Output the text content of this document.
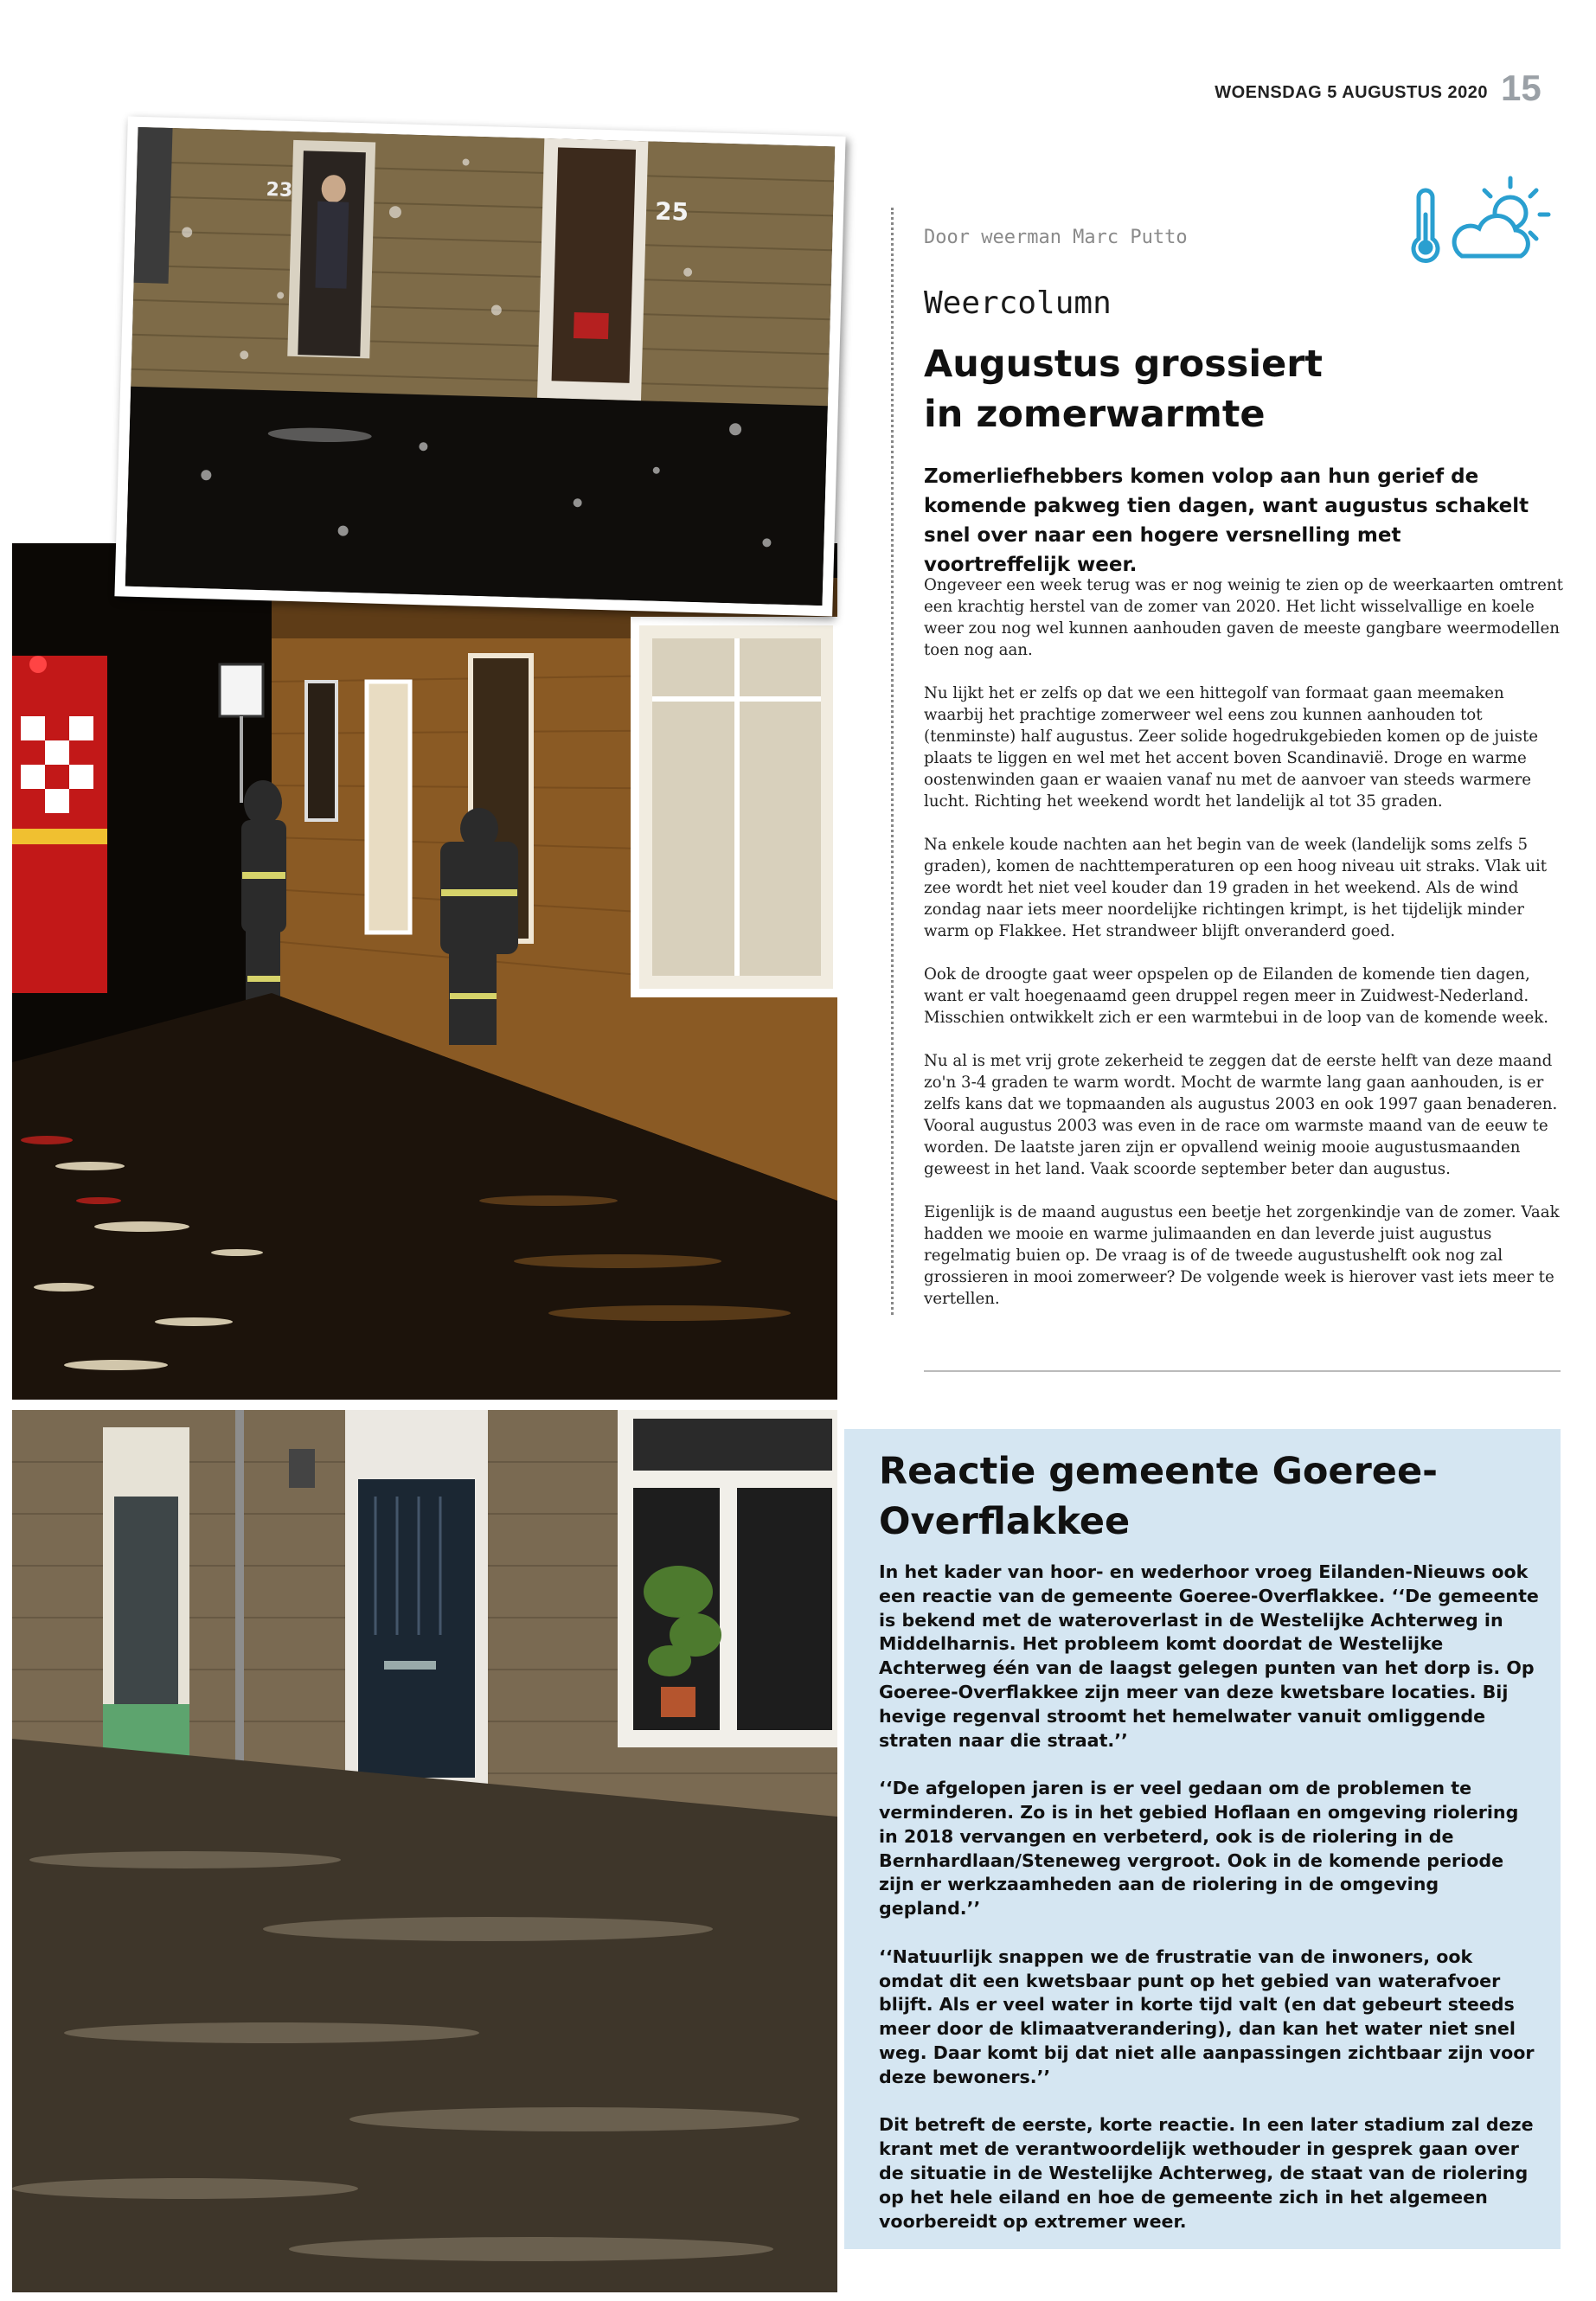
WOENSDAG 5 AUGUSTUS 2020 15
23
25
Door weerman Marc Putto
Weercolumn
Augustus grossiert in zomerwarmte
Zomerliefhebbers komen volop aan hun gerief de komende pakweg tien dagen, want augustus schakelt snel over naar een hogere versnelling met voortreffelijk weer.

Ongeveer een week terug was er nog weinig te zien op de weerkaarten omtrent een krachtig herstel van de zomer van 2020. Het licht wisselvallige en koele weer zou nog wel kunnen aanhouden gaven de meeste gangbare weermodellen toen nog aan.

Nu lijkt het er zelfs op dat we een hittegolf van formaat gaan meemaken waarbij het prachtige zomerweer wel eens zou kunnen aanhouden tot (tenminste) half augustus. Zeer solide hogedrukgebieden komen op de juiste plaats te liggen en wel met het accent boven Scandinavië. Droge en warme oostenwinden gaan er waaien vanaf nu met de aanvoer van steeds warmere lucht. Richting het weekend wordt het landelijk al tot 35 graden.

Na enkele koude nachten aan het begin van de week (landelijk soms zelfs 5 graden), komen de nachttemperaturen op een hoog niveau uit straks. Vlak uit zee wordt het niet veel kouder dan 19 graden in het weekend. Als de wind zondag naar iets meer noordelijke richtingen krimpt, is het tijdelijk minder warm op Flakkee. Het strandweer blijft onveranderd goed.

Ook de droogte gaat weer opspelen op de Eilanden de komende tien dagen, want er valt hoegenaamd geen druppel regen meer in Zuidwest-Nederland. Misschien ontwikkelt zich er een warmtebui in de loop van de komende week.

Nu al is met vrij grote zekerheid te zeggen dat de eerste helft van deze maand zo'n 3-4 graden te warm wordt. Mocht de warmte lang gaan aanhouden, is er zelfs kans dat we topmaanden als augustus 2003 en ook 1997 gaan benaderen. Vooral augustus 2003 was even in de race om warmste maand van de eeuw te worden. De laatste jaren zijn er opvallend weinig mooie augustusmaanden geweest in het land. Vaak scoorde september beter dan augustus.

Eigenlijk is de maand augustus een beetje het zorgenkindje van de zomer. Vaak hadden we mooie en warme julimaanden en dan leverde juist augustus regelmatig buien op. De vraag is of de tweede augustushelft ook nog zal grossieren in mooi zomerweer? De volgende week is hierover vast iets meer te vertellen.

Reactie gemeente Goeree-Overflakkee

In het kader van hoor- en wederhoor vroeg Eilanden-Nieuws ook een reactie van de gemeente Goeree-Overflakkee. ‘‘De gemeente is bekend met de wateroverlast in de Westelijke Achterweg in Middelharnis. Het probleem komt doordat de Westelijke Achterweg één van de laagst gelegen punten van het dorp is. Op Goeree-Overflakkee zijn meer van deze kwetsbare locaties. Bij hevige regenval stroomt het hemelwater vanuit omliggende straten naar die straat.’’

‘‘De afgelopen jaren is er veel gedaan om de problemen te verminderen. Zo is in het gebied Hoflaan en omgeving riolering in 2018 vervangen en verbeterd, ook is de riolering in de Bernhardlaan/Steneweg vergroot. Ook in de komende periode zijn er werkzaamheden aan de riolering in de omgeving gepland.’’

‘‘Natuurlijk snappen we de frustratie van de inwoners, ook omdat dit een kwetsbaar punt op het gebied van waterafvoer blijft. Als er veel water in korte tijd valt (en dat gebeurt steeds meer door de klimaatverandering), dan kan het water niet snel weg. Daar komt bij dat niet alle aanpassingen zichtbaar zijn voor deze bewoners.’’

Dit betreft de eerste, korte reactie. In een later stadium zal deze krant met de verantwoordelijk wethouder in gesprek gaan over de situatie in de Westelijke Achterweg, de staat van de riolering op het hele eiland en hoe de gemeente zich in het algemeen voorbereidt op extremer weer.
